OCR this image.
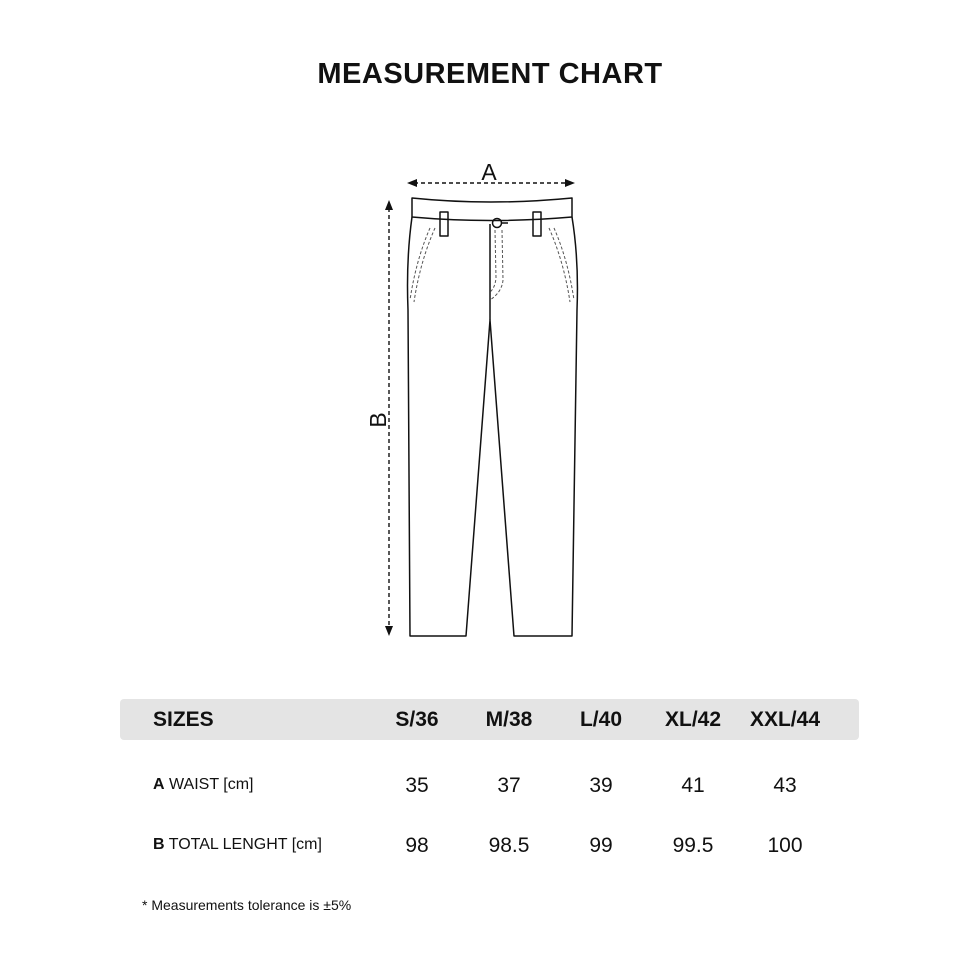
MEASUREMENT CHART
A
B
SIZES	S/36	M/38	L/40	XL/42	XXL/44
A WAIST [cm]	35	37	39	41	43
B TOTAL LENGHT [cm]	98	98.5	99	99.5	100
* Measurements tolerance is ±5%
